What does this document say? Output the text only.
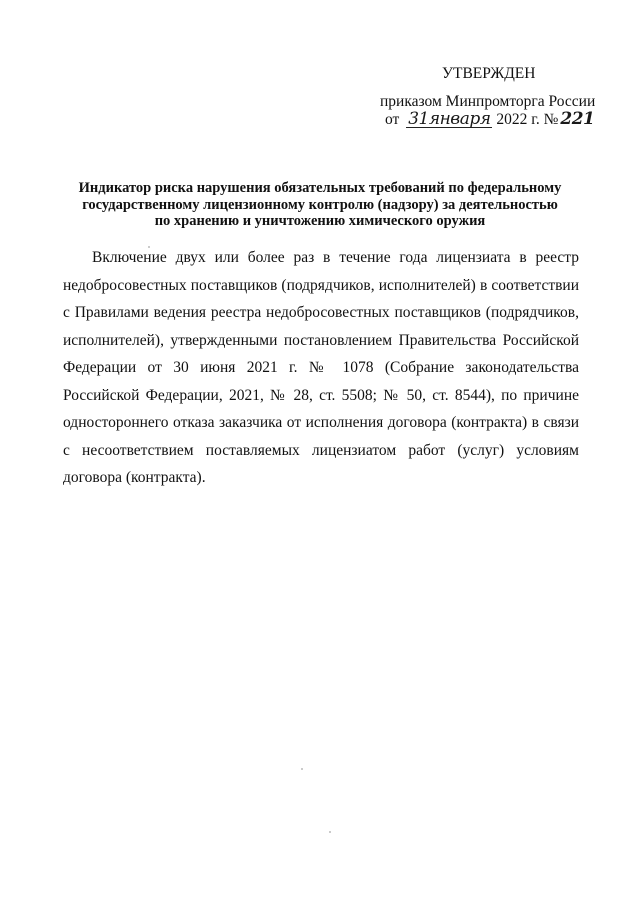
УТВЕРЖДЕН
приказом Минпромторга России
от 31января 2022 г. № 221
Индикатор риска нарушения обязательных требований по федеральному
государственному лицензионному контролю (надзору) за деятельностью
по хранению и уничтожению химического оружия

Включение двух или более раз в течение года лицензиата в реестр недобросовестных поставщиков (подрядчиков, исполнителей) в соответствии с Правилами ведения реестра недобросовестных поставщиков (подрядчиков, исполнителей), утвержденными постановлением Правительства Российской Федерации от 30 июня 2021 г. № 1078 (Собрание законодательства Российской Федерации, 2021, № 28, ст. 5508; № 50, ст. 8544), по причине одностороннего отказа заказчика от исполнения договора (контракта) в связи с несоответствием поставляемых лицензиатом работ (услуг) условиям договора (контракта).
